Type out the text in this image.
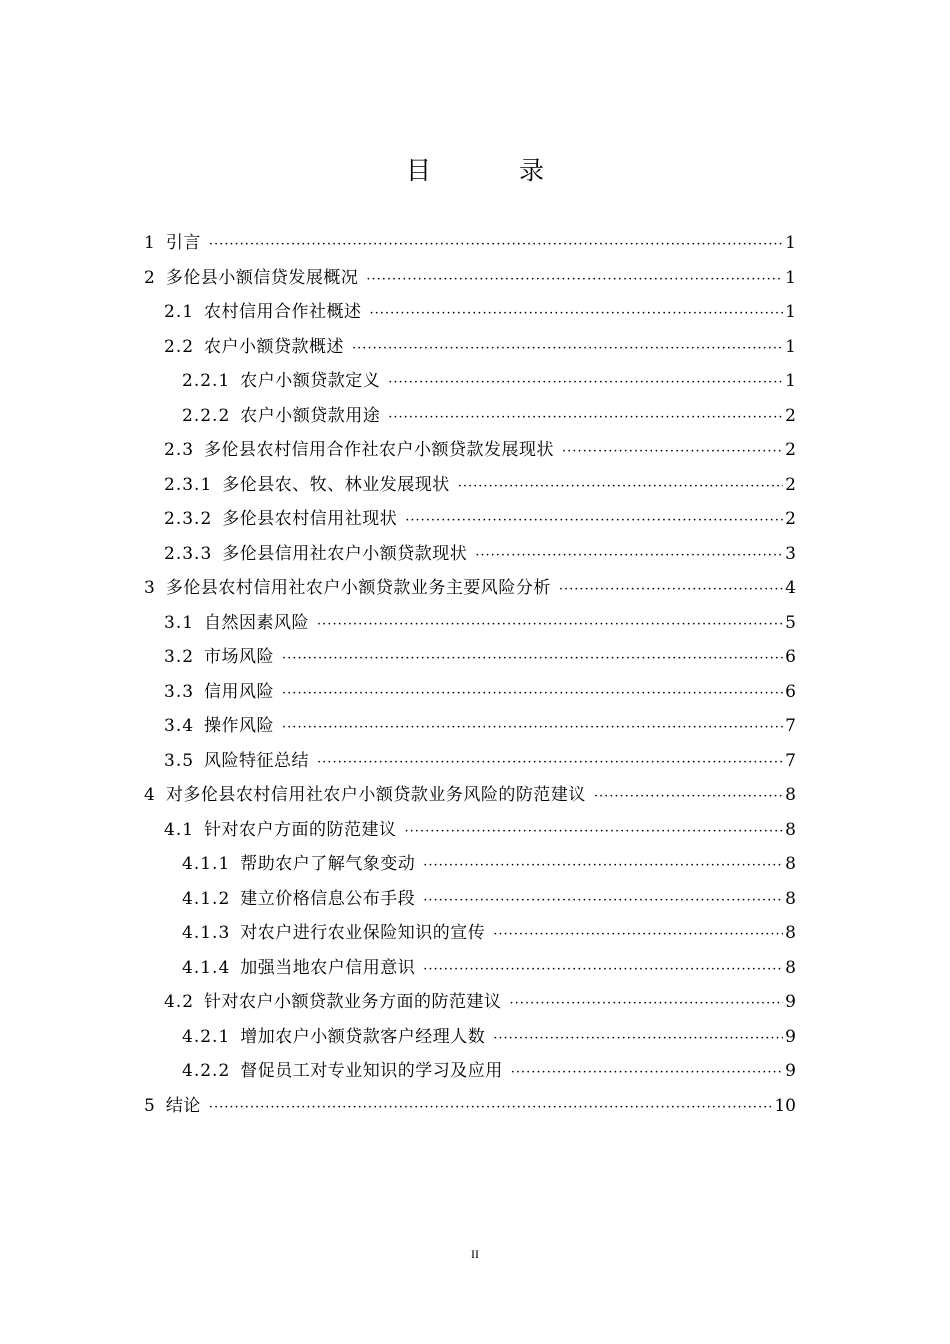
目录
1 引言 ·····	1
2 多伦县小额信贷发展概况 ·····	1
2.1 农村信用合作社概述 ·····	1
2.2 农户小额贷款概述 ·····	1
2.2.1 农户小额贷款定义 ·····	1
2.2.2 农户小额贷款用途 ·····	2
2.3 多伦县农村信用合作社农户小额贷款发展现状 ·····	2
2.3.1 多伦县农、牧、林业发展现状 ·····	2
2.3.2 多伦县农村信用社现状 ·····	2
2.3.3 多伦县信用社农户小额贷款现状 ·····	3
3 多伦县农村信用社农户小额贷款业务主要风险分析 ·····	4
3.1 自然因素风险 ·····	5
3.2 市场风险 ·····	6
3.3 信用风险 ·····	6
3.4 操作风险 ·····	7
3.5 风险特征总结 ·····	7
4 对多伦县农村信用社农户小额贷款业务风险的防范建议 ·····	8
4.1 针对农户方面的防范建议 ·····	8
4.1.1 帮助农户了解气象变动 ·····	8
4.1.2 建立价格信息公布手段 ·····	8
4.1.3 对农户进行农业保险知识的宣传 ·····	8
4.1.4 加强当地农户信用意识 ·····	8
4.2 针对农户小额贷款业务方面的防范建议 ·····	9
4.2.1 增加农户小额贷款客户经理人数 ·····	9
4.2.2 督促员工对专业知识的学习及应用 ·····	9
5 结论 ·····	10
II
